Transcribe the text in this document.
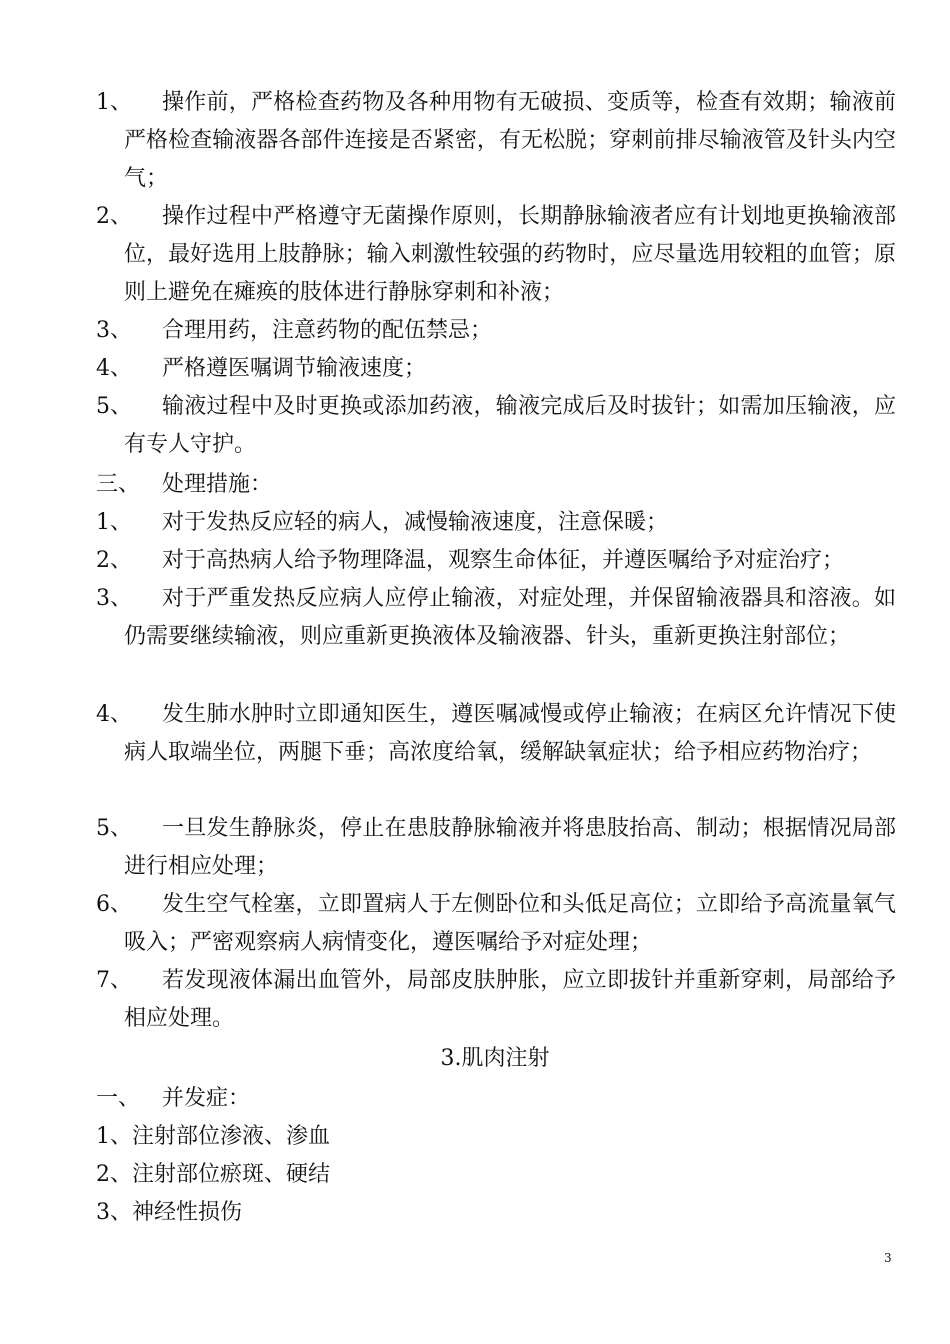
1、	操作前，严格检查药物及各种用物有无破损、变质等，检查有效期；输液前严格检查输液器各部件连接是否紧密，有无松脱；穿刺前排尽输液管及针头内空气；
2、	操作过程中严格遵守无菌操作原则，长期静脉输液者应有计划地更换输液部位，最好选用上肢静脉；输入刺激性较强的药物时，应尽量选用较粗的血管；原则上避免在瘫痪的肢体进行静脉穿刺和补液；
3、	合理用药，注意药物的配伍禁忌；
4、	严格遵医嘱调节输液速度；
5、	输液过程中及时更换或添加药液，输液完成后及时拔针；如需加压输液，应有专人守护。
三、 处理措施：
1、	对于发热反应轻的病人，减慢输液速度，注意保暖；
2、	对于高热病人给予物理降温，观察生命体征，并遵医嘱给予对症治疗；
3、	对于严重发热反应病人应停止输液，对症处理，并保留输液器具和溶液。如仍需要继续输液，则应重新更换液体及输液器、针头，重新更换注射部位；
4、	发生肺水肿时立即通知医生，遵医嘱减慢或停止输液；在病区允许情况下使病人取端坐位，两腿下垂；高浓度给氧，缓解缺氧症状；给予相应药物治疗；
5、	一旦发生静脉炎，停止在患肢静脉输液并将患肢抬高、制动；根据情况局部进行相应处理；
6、	发生空气栓塞，立即置病人于左侧卧位和头低足高位；立即给予高流量氧气吸入；严密观察病人病情变化，遵医嘱给予对症处理；
7、	若发现液体漏出血管外，局部皮肤肿胀，应立即拔针并重新穿刺，局部给予相应处理。
3.肌肉注射
一、 并发症：
1、注射部位渗液、渗血
2、注射部位瘀斑、硬结
3、神经性损伤
3
